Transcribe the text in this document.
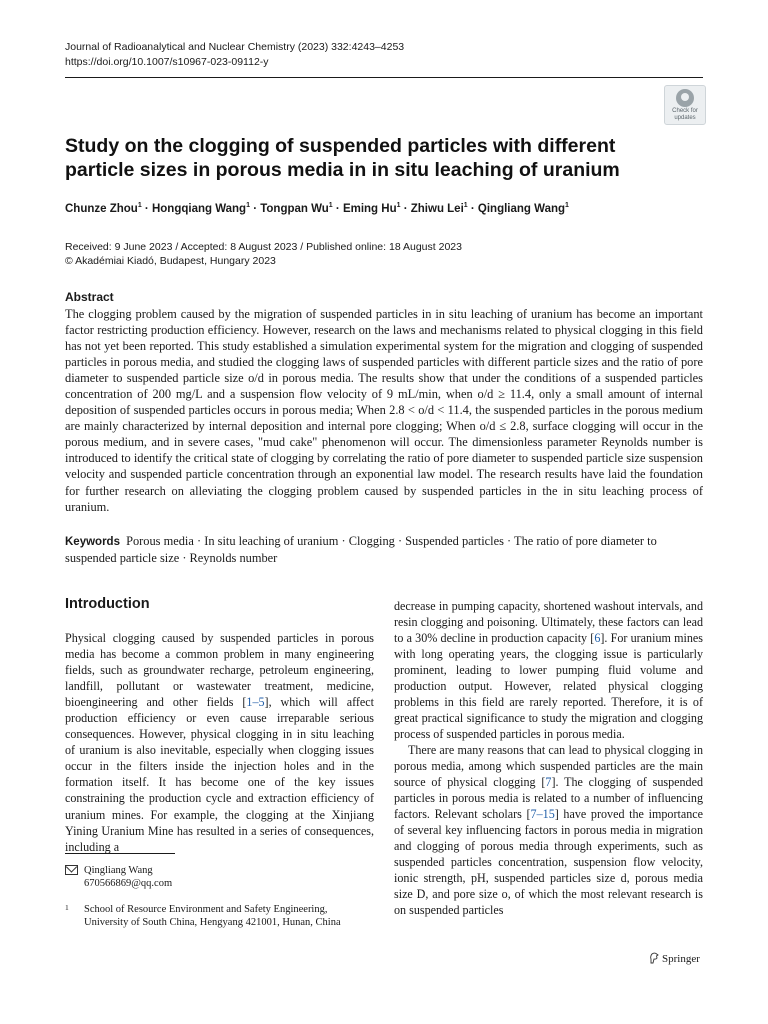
Journal of Radioanalytical and Nuclear Chemistry (2023) 332:4243–4253
https://doi.org/10.1007/s10967-023-09112-y
Check for
updates
Study on the clogging of suspended particles with different particle sizes in porous media in in situ leaching of uranium
Chunze Zhou$^1$ · Hongqiang Wang$^1$ · Tongpan $Wu^1 \cdot Eming$ $Hu^1$ · Zhiwu Lei$^1$ · Qingliang Wang$^1$
Received: 9 June 2023 / Accepted: 8 August 2023 / Published online: 18 August 2023
© Akadémiai Kiadó, Budapest, Hungary 2023
Abstract

The clogging problem caused by the migration of suspended particles in in situ leaching of uranium has become an important factor restricting production efficiency. However, research on the laws and mechanisms related to physical clogging in this field has not yet been reported. This study established a simulation experimental system for the migration and clogging of suspended particles in porous media, and studied the clogging laws of suspended particles with different particle sizes and the ratio of pore diameter to suspended particle size o/d in porous media. The results show that under the conditions of a suspended particles concentration of 200 mg/L and a suspension flow velocity of 9 mL/min, when o/d ≥ 11.4, only a small amount of internal deposition of suspended particles occurs in porous media; When 2.8 < o/d < 11.4, the suspended particles in the porous medium are mainly characterized by internal deposition and internal pore clogging; When o/d ≤ 2.8, surface clogging will occur in the porous medium, and in severe cases, "mud cake" phenomenon will occur. The dimensionless parameter Reynolds number is introduced to identify the critical state of clogging by correlating the ratio of pore diameter to suspended particle size suspension velocity and suspended particle concentration through an exponential law model. The research results have laid the foundation for further research on alleviating the clogging problem caused by suspended particles in the in situ leaching process of uranium.

Keywords Porous media · In situ leaching of uranium · Clogging · Suspended particles · The ratio of pore diameter to suspended particle size · Reynolds number

Introduction

Physical clogging caused by suspended particles in porous media has become a common problem in many engineering fields, such as groundwater recharge, petroleum engineering, landfill, pollutant or wastewater treatment, medicine, bioengineering and other fields [1–5], which will affect production efficiency or even cause irreparable serious consequences. However, physical clogging in in situ leaching of uranium is also inevitable, especially when clogging issues occur in the filters inside the injection holes and in the formation itself. It has become one of the key issues constraining the production cycle and extraction efficiency of uranium mines. For example, the clogging at the Xinjiang Yining Uranium Mine has resulted in a series of consequences, including a

decrease in pumping capacity, shortened washout intervals, and resin clogging and poisoning. Ultimately, these factors can lead to a 30% decline in production capacity [6]. For uranium mines with long operating years, the clogging issue is particularly prominent, leading to lower pumping fluid volume and production output. However, related physical clogging problems in this field are rarely reported. Therefore, it is of great practical significance to study the migration and clogging process of suspended particles in porous media.

There are many reasons that can lead to physical clogging in porous media, among which suspended particles are the main source of physical clogging [7]. The clogging of suspended particles in porous media is related to a number of influencing factors. Relevant scholars [7–15] have proved the importance of several key influencing factors in porous media in migration and clogging of porous media through experiments, such as suspended particles concentration, suspension flow velocity, ionic strength, pH, suspended particles size d, porous media size D, and pore size o, of which the most relevant research is on suspended particles

Qingliang Wang
670566869@qq.com
1 School of Resource Environment and Safety Engineering,
University of South China, Hengyang 421001, Hunan, China
Springer
